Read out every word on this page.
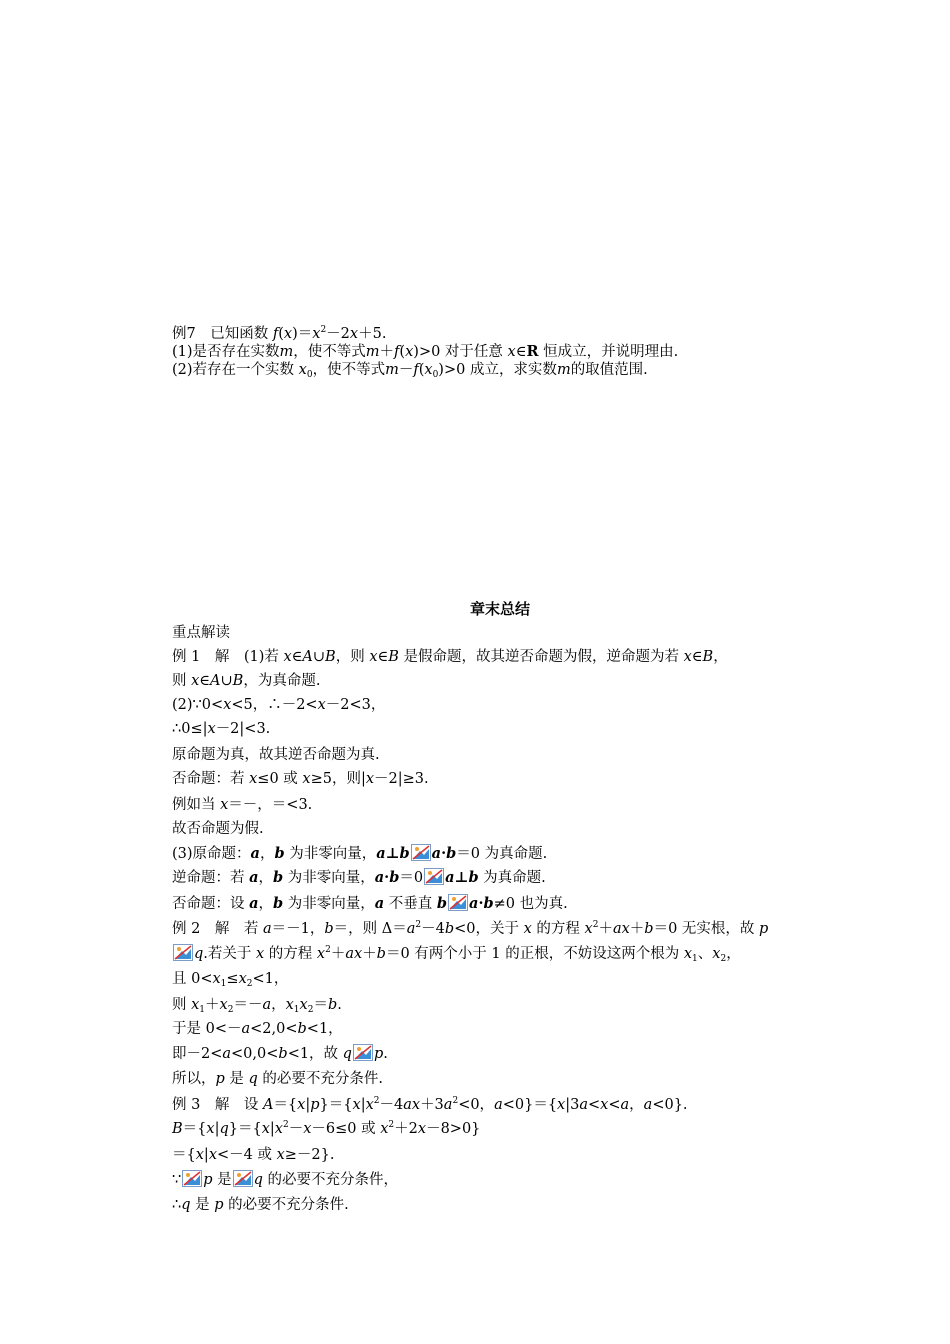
例7　已知函数 $f(x)=x^2-2x+5$.
(1)是否存在实数m，使不等式m＋f(x)>0 对于任意 x∈R 恒成立，并说明理由.
(2)若存在一个实数 $x_0$，使不等式$m-f(x_0)>0$ 成立，求实数m的取值范围.
章末总结
重点解读
例 1　解　(1)若 x∈A∪B，则 x∈B 是假命题，故其逆否命题为假，逆命题为若 x∈B，
则 x∈A∪B，为真命题.
(2)∵0<x<5，∴－2<x－2<3，
∴0≤|x－2|<3.
原命题为真，故其逆否命题为真.
否命题：若 x≤0 或 x≥5，则|x－2|≥3.
例如当 x＝－，＝<3.
故否命题为假.
(3)原命题：a，b 为非零向量，a⊥b a·b＝0 为真命题.
逆命题：若 a，b 为非零向量，a·b＝0 a⊥b 为真命题.
否命题：设 a，b 为非零向量，a 不垂直 b a·b≠0 也为真.
例 2　解　若 a＝－1，b＝，则 $\Delta=a^2-4b<0$，关于 x 的方程 $x^2+ax+b=0$ 无实根，故 p
q.若关于 x 的方程 $x^2+ax+b=0$ 有两个小于 1 的正根，不妨设这两个根为 $x_1$、$x_2$，
且 $0<x_1\le x_2<1$，
则 $x_1+x_2=-a$，$x_1x_2=b$.
于是 0<－a<2,0<b<1，
即－2<a<0,0<b<1，故 q p.
所以，p 是 q 的必要不充分条件.
例 3　解　设 $A=\{x|p\}=\{x|x^2-4ax+3a^2<0$，a<0}＝{x|3a<x<a，a<0}.
$B=\{x|q\}=\{x|x^2-x-6\le 0$ 或 $x^2+2x-8>0$}
＝{x|x<－4 或 x≥－2}.
∵ p 是 q 的必要不充分条件，
∴q 是 p 的必要不充分条件.
